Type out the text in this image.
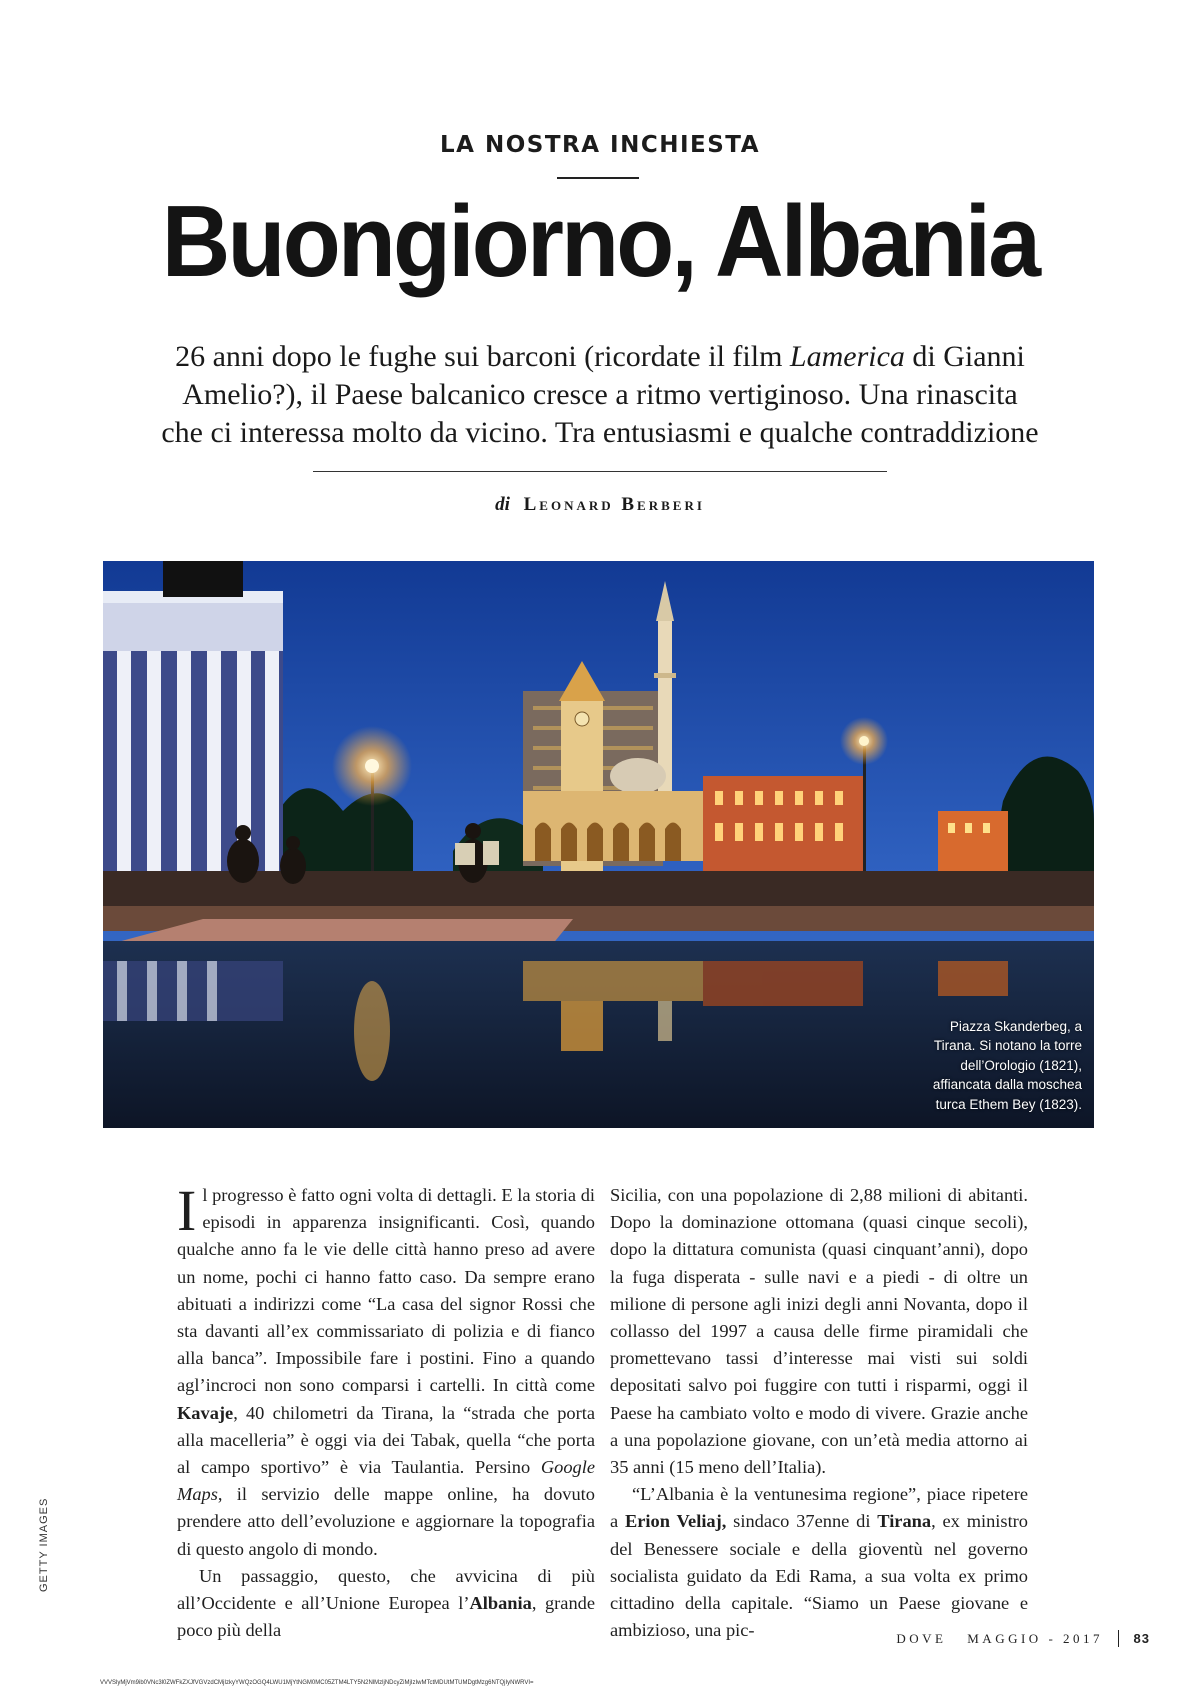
LA NOSTRA INCHIESTA
Buongiorno, Albania
26 anni dopo le fughe sui barconi (ricordate il film Lamerica di Gianni
Amelio?), il Paese balcanico cresce a ritmo vertiginoso. Una rinascita
che ci interessa molto da vicino. Tra entusiasmi e qualche contraddizione
di Leonard Berberi
Piazza Skanderbeg, a Tirana. Si notano la torre dell’Orologio (1821), affiancata dalla moschea turca Ethem Bey (1823).

Il progresso è fatto ogni volta di dettagli. E la storia di episodi in apparenza insignificanti. Così, quando qualche anno fa le vie delle città hanno preso ad avere un nome, pochi ci hanno fatto caso. Da sempre erano abituati a indirizzi come “La casa del signor Rossi che sta davanti all’ex commissariato di polizia e di fianco alla banca”. Impossibile fare i postini. Fino a quando agl’incroci non sono comparsi i cartelli. In città come Kavaje, 40 chilometri da Tirana, la “strada che porta alla macelleria” è oggi via dei Tabak, quella “che porta al campo sportivo” è via Taulantia. Persino Google Maps, il servizio delle mappe online, ha dovuto prendere atto dell’evoluzione e aggiornare la topografia di questo angolo di mondo.

Un passaggio, questo, che avvicina di più all’Occidente e all’Unione Europea l’Albania, grande poco più della

Sicilia, con una popolazione di 2,88 milioni di abitanti. Dopo la dominazione ottomana (quasi cinque secoli), dopo la dittatura comunista (quasi cinquant’anni), dopo la fuga disperata - sulle navi e a piedi - di oltre un milione di persone agli inizi degli anni Novanta, dopo il collasso del 1997 a causa delle firme piramidali che promettevano tassi d’interesse mai visti sui soldi depositati salvo poi fuggire con tutti i risparmi, oggi il Paese ha cambiato volto e modo di vivere. Grazie anche a una popolazione giovane, con un’età media attorno ai 35 anni (15 meno dell’Italia).

“L’Albania è la ventunesima regione”, piace ripetere a Erion Veliaj, sindaco 37enne di Tirana, ex ministro del Benessere sociale e della gioventù nel governo socialista guidato da Edi Rama, a sua volta ex primo cittadino della capitale. “Siamo un Paese giovane e ambizioso, una pic-

GETTY IMAGES
DOVE MAGGIO - 2017 83
VVVSlyMjVm9ib0VNc3l0ZWFkZXJfVGVzdCMjIzkyYWQzOGQ4LWU1MjYtNGM0MC05ZTM4LTY5N2NlMzljNDcyZiMjIzIwMTctMDUtMTUMDgtMzg6NTQjIyNWRVI=
